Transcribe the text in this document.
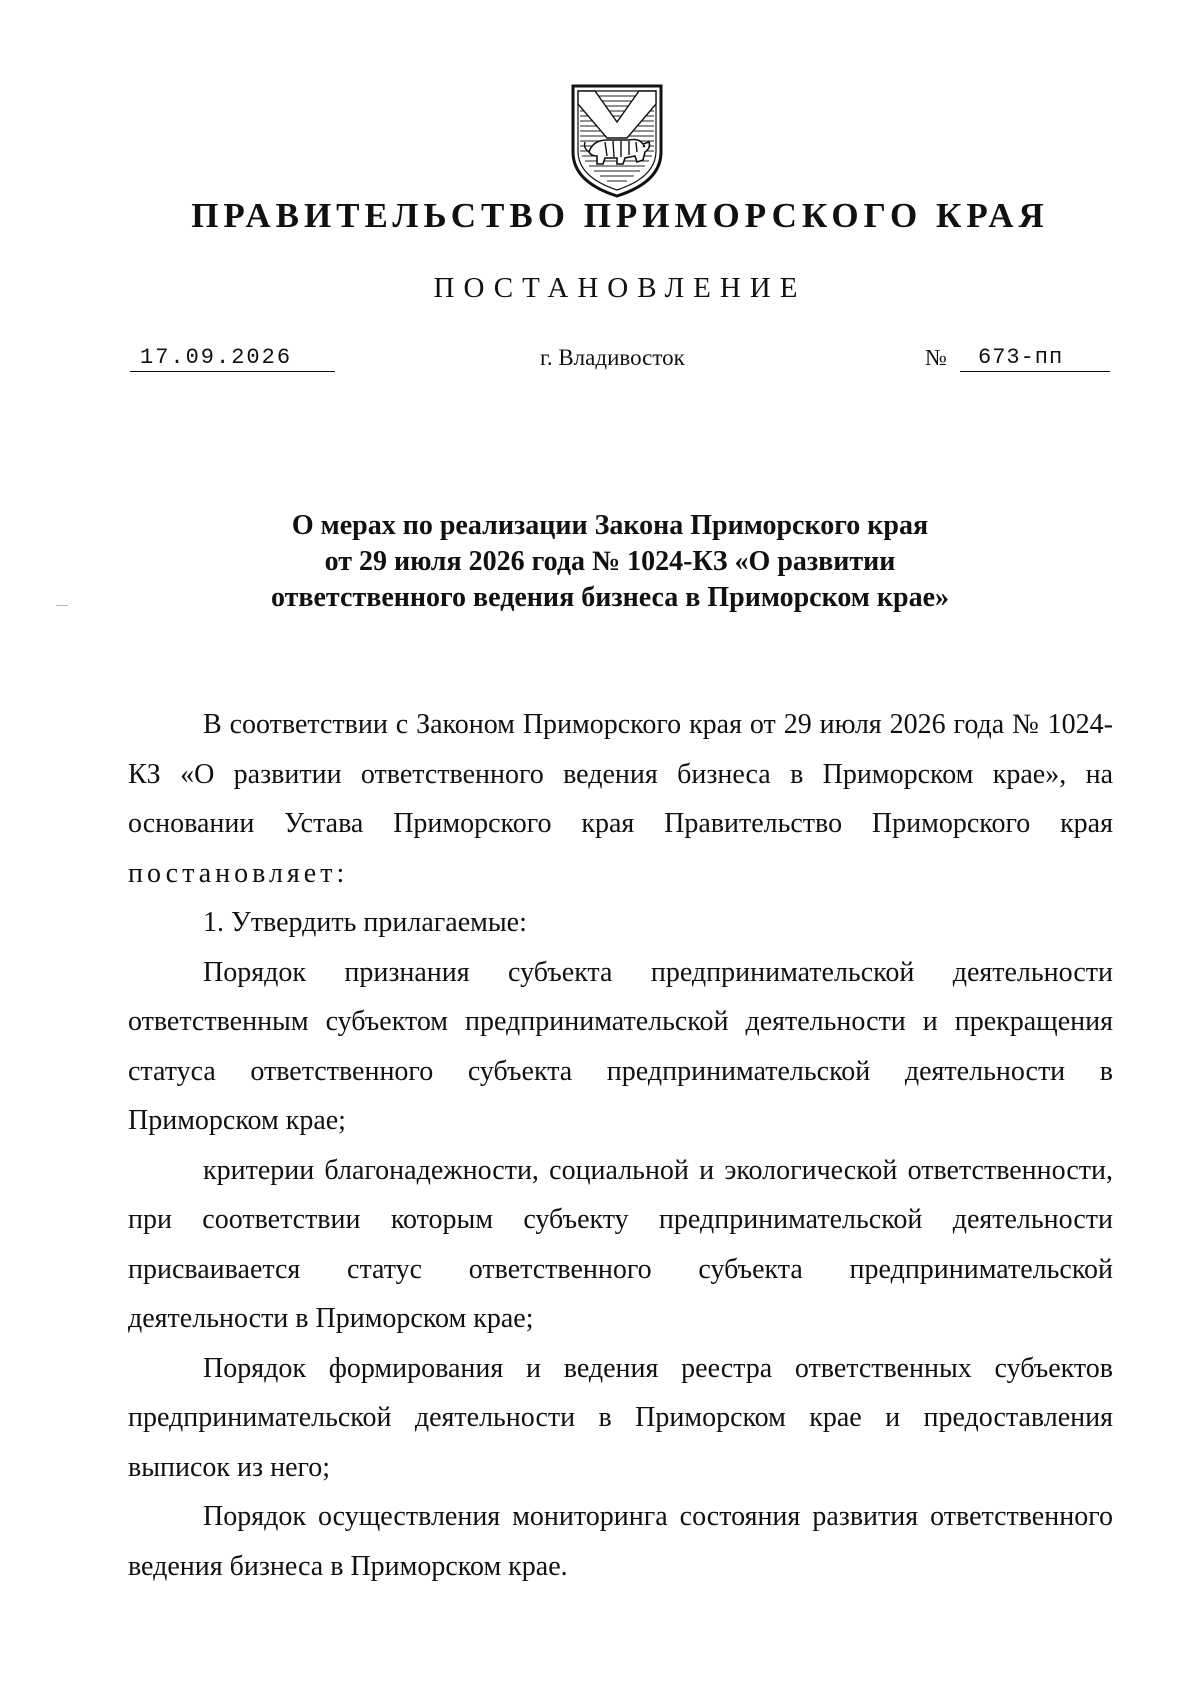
ПРАВИТЕЛЬСТВО ПРИМОРСКОГО КРАЯ
ПОСТАНОВЛЕНИЕ
17.09.2026	г. Владивосток	№	673-пп
О мерах по реализации Закона Приморского края
от 29 июля 2026 года № 1024-КЗ «О развитии
ответственного ведения бизнеса в Приморском крае»

В соответствии с Законом Приморского края от 29 июля 2026 года № 1024-КЗ «О развитии ответственного ведения бизнеса в Приморском крае», на основании Устава Приморского края Правительство Приморского края постановляет:

1. Утвердить прилагаемые:

Порядок признания субъекта предпринимательской деятельности ответственным субъектом предпринимательской деятельности и прекращения статуса ответственного субъекта предпринимательской деятельности в Приморском крае;

критерии благонадежности, социальной и экологической ответственности, при соответствии которым субъекту предпринимательской деятельности присваивается статус ответственного субъекта предпринимательской деятельности в Приморском крае;

Порядок формирования и ведения реестра ответственных субъектов предпринимательской деятельности в Приморском крае и предоставления выписок из него;

Порядок осуществления мониторинга состояния развития ответственного ведения бизнеса в Приморском крае.
